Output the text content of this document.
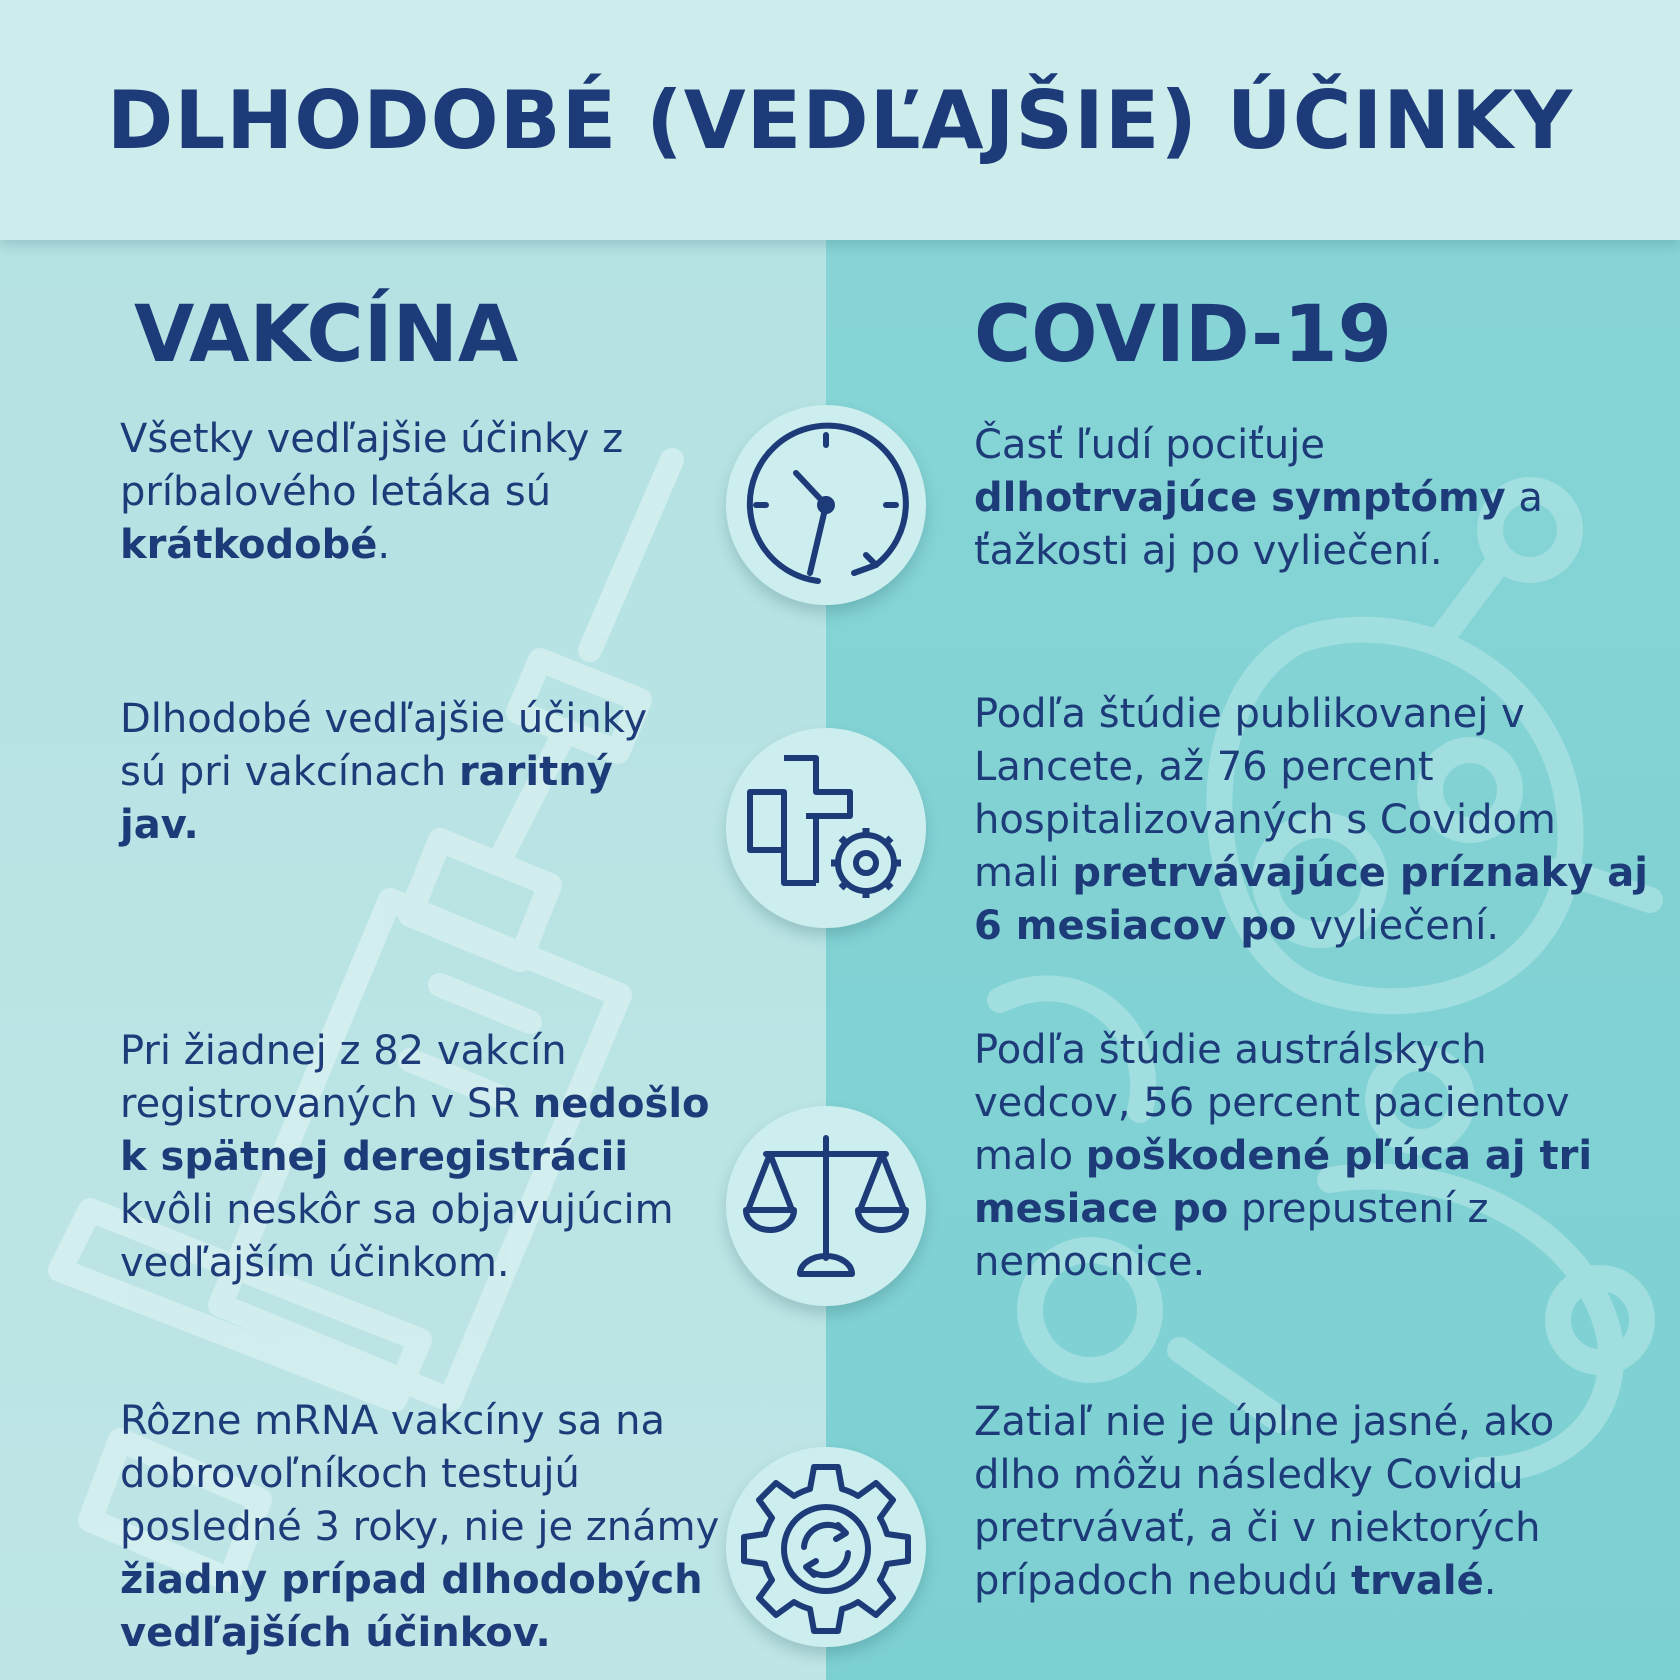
DLHODOBÉ (VEDĽAJŠIE) ÚČINKY
VAKCÍNA	COVID-19
Všetky vedľajšie účinky z príbalového letáka sú krátkodobé.
Časť ľudí pociťuje dlhotrvajúce symptómy a ťažkosti aj po vyliečení.
Dlhodobé vedľajšie účinky sú pri vakcínach raritný jav.
Podľa štúdie publikovanej v Lancete, až 76 percent hospitalizovaných s Covidom mali pretrvávajúce príznaky aj 6 mesiacov po vyliečení.
Pri žiadnej z 82 vakcín registrovaných v SR nedošlo k spätnej deregistrácii kvôli neskôr sa objavujúcim vedľajším účinkom.
Podľa štúdie austrálskych vedcov, 56 percent pacientov malo poškodené pľúca aj tri mesiace po prepustení z nemocnice.
Rôzne mRNA vakcíny sa na dobrovoľníkoch testujú posledné 3 roky, nie je známy žiadny prípad dlhodobých vedľajších účinkov.
Zatiaľ nie je úplne jasné, ako dlho môžu následky Covidu pretrvávať, a či v niektorých prípadoch nebudú trvalé.
